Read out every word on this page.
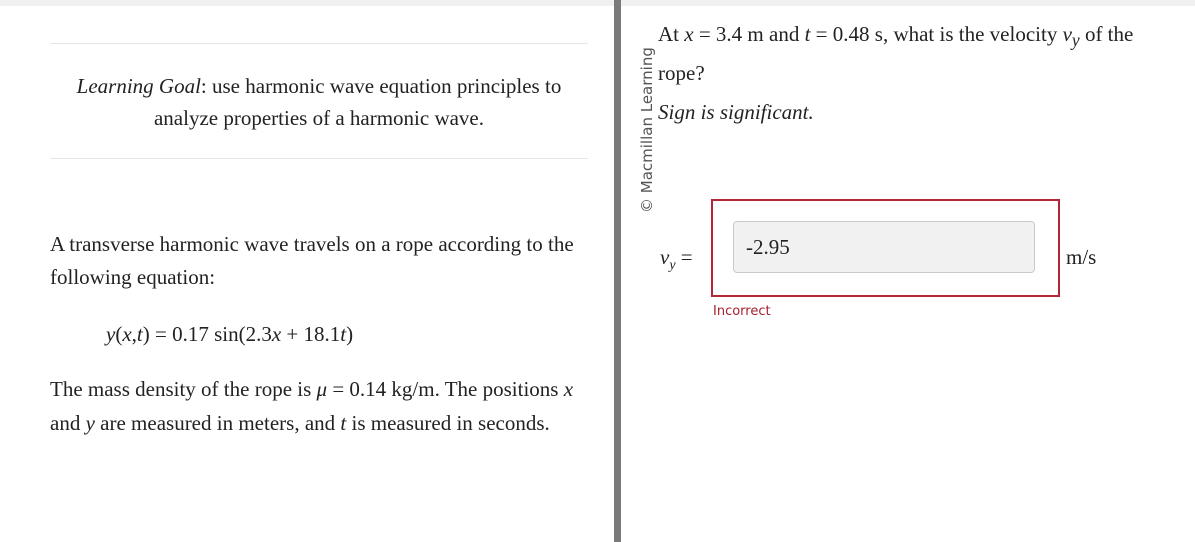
Learning Goal: use harmonic wave equation principles to analyze properties of a harmonic wave.
A transverse harmonic wave travels on a rope according to the following equation:
y(x,t) = 0.17 sin(2.3x + 18.1t)
The mass density of the rope is μ = 0.14 kg/m. The positions x and y are measured in meters, and t is measured in seconds.
© Macmillan Learning
At x = 3.4 m and t = 0.48 s, what is the velocity $v_y$ of the rope?
Sign is significant.
$v_y$ =
-2.95	m/s
Incorrect
